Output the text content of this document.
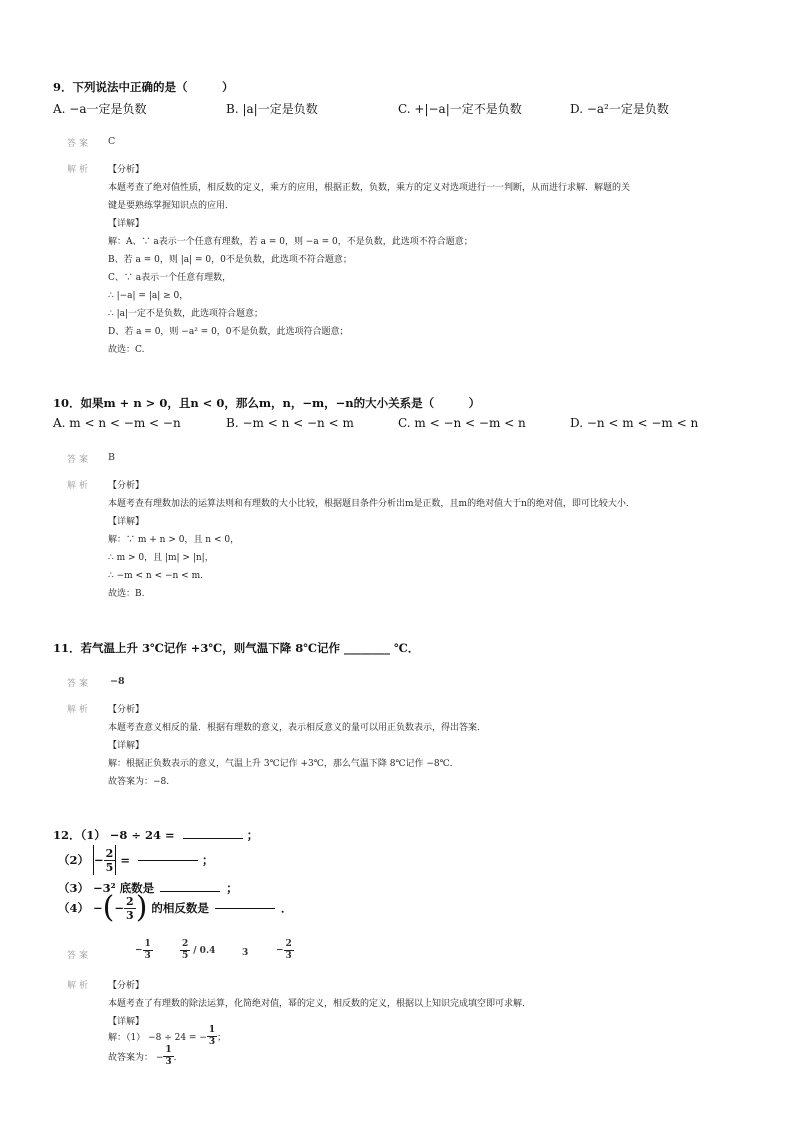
9．下列说法中正确的是（　　　）
A. −a一定是负数	B. |a|一定是负数	C. +|−a|一定不是负数	D. −a²一定是负数
答案 C
解析 【分析】
本题考查了绝对值性质，相反数的定义，乘方的应用，根据正数，负数，乘方的定义对选项进行一一判断，从而进行求解．解题的关
键是要熟练掌握知识点的应用．
【详解】
解：A、∵ a表示一个任意有理数，若 a = 0，则 −a = 0，不是负数，此选项不符合题意；
B、若 a = 0，则 |a| = 0，0不是负数，此选项不符合题意；
C、∵ a表示一个任意有理数，
∴ |−a| = |a| ≥ 0，
∴ |a|一定不是负数，此选项符合题意；
D、若 a = 0，则 −a² = 0，0不是负数，此选项符合题意；
故选：C.
10．如果m + n > 0，且n < 0，那么m，n，−m，−n的大小关系是（　　　）
A. m < n < −m < −n	B. −m < n < −n < m	C. m < −n < −m < n	D. −n < m < −m < n
答案 B
解析 【分析】
本题考查有理数加法的运算法则和有理数的大小比较，根据题目条件分析出m是正数，且m的绝对值大于n的绝对值，即可比较大小．
【详解】
解：∵ m + n > 0，且 n < 0，
∴ m > 0，且 |m| > |n|，
∴ −m < n < −n < m．
故选：B.
11．若气温上升 3℃记作 +3℃，则气温下降 8℃记作 ________ ℃．
答案 −8
解析 【分析】
本题考查意义相反的量．根据有理数的意义，表示相反意义的量可以用正负数表示，得出答案．
【详解】
解：根据正负数表示的意义，气温上升 3℃记作 +3℃，那么气温下降 8℃记作 −8℃．
故答案为：−8.
12．（1） −8 ÷ 24 =	；
$(2) - \frac{2}{5}$ =	；
（3） −3² 底数是	；
（4） −(− $\frac{2}{3}$ ) 的相反数是	．
答案
− $\frac{1}{3}$	$\frac{2}{5} / 0.4$	3	− $\frac{2}{3}$
解析 【分析】
本题考查了有理数的除法运算，化简绝对值，幂的定义，相反数的定义，根据以上知识完成填空即可求解．
【详解】
解：（1） −8 ÷ 24 = − $\frac{1}{3}$ ；
故答案为： − $\frac{1}{3}$ ．
